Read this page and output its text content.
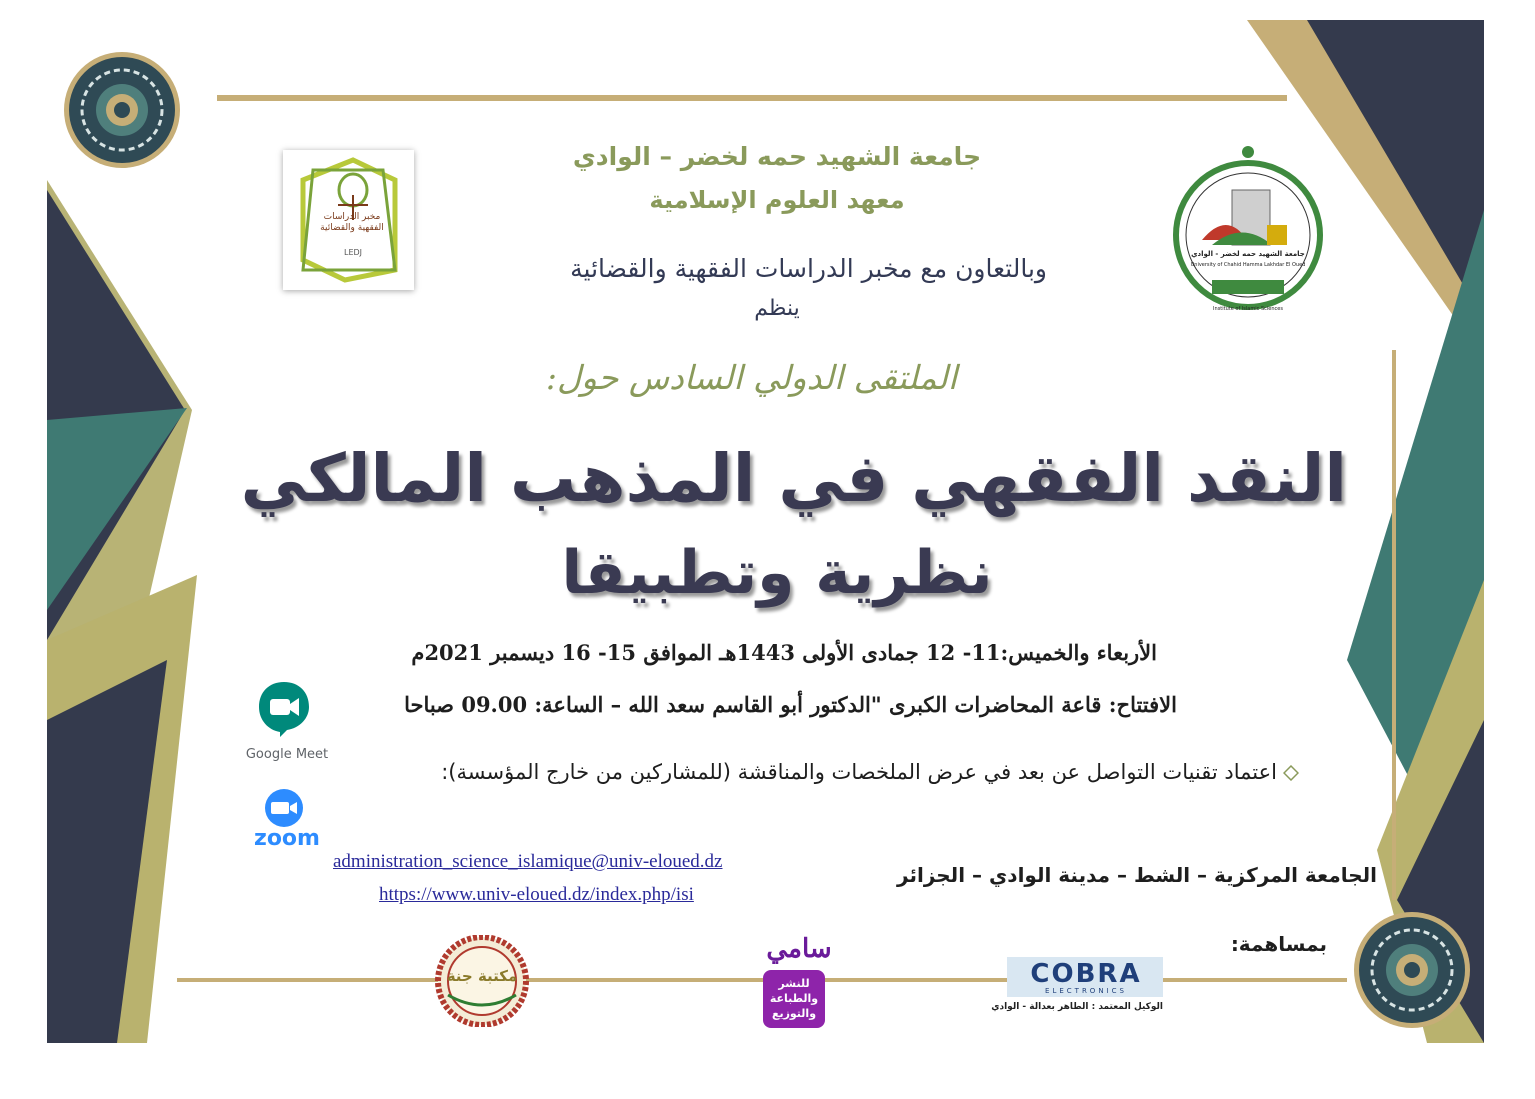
جامعة الشهيد حمه لخضر - الوادي
University of Chahid Hamma Lakhdar El Oued
Institute of Islamic Sciences
مخبر الدراسات الفقهية والقضائية
LEDJ
جامعة الشهيد حمه لخضر – الوادي
معهد العلوم الإسلامية
وبالتعاون مع مخبر الدراسات الفقهية والقضائية
ينظم
الملتقى الدولي السادس حول:
النقد الفقهي في المذهب المالكي
نظرية وتطبيقا
الأربعاء والخميس:11- 12 جمادى الأولى 1443هـ الموافق 15- 16 ديسمبر 2021م
الافتتاح: قاعة المحاضرات الكبرى "الدكتور أبو القاسم سعد الله – الساعة: 09.00 صباحا
اعتماد تقنيات التواصل عن بعد في عرض الملخصات والمناقشة (للمشاركين من خارج المؤسسة):
Google Meet
zoom
administration_science_islamique@univ-eloued.dz
https://www.univ-eloued.dz/index.php/isi
الجامعة المركزية – الشط – مدينة الوادي – الجزائر
بمساهمة:
مكتبة جنة
سامي
للنشر والطباعة والتوزيع
COBRA
ELECTRONICS
الوكيل المعتمد : الطاهر بعدالة - الوادي
